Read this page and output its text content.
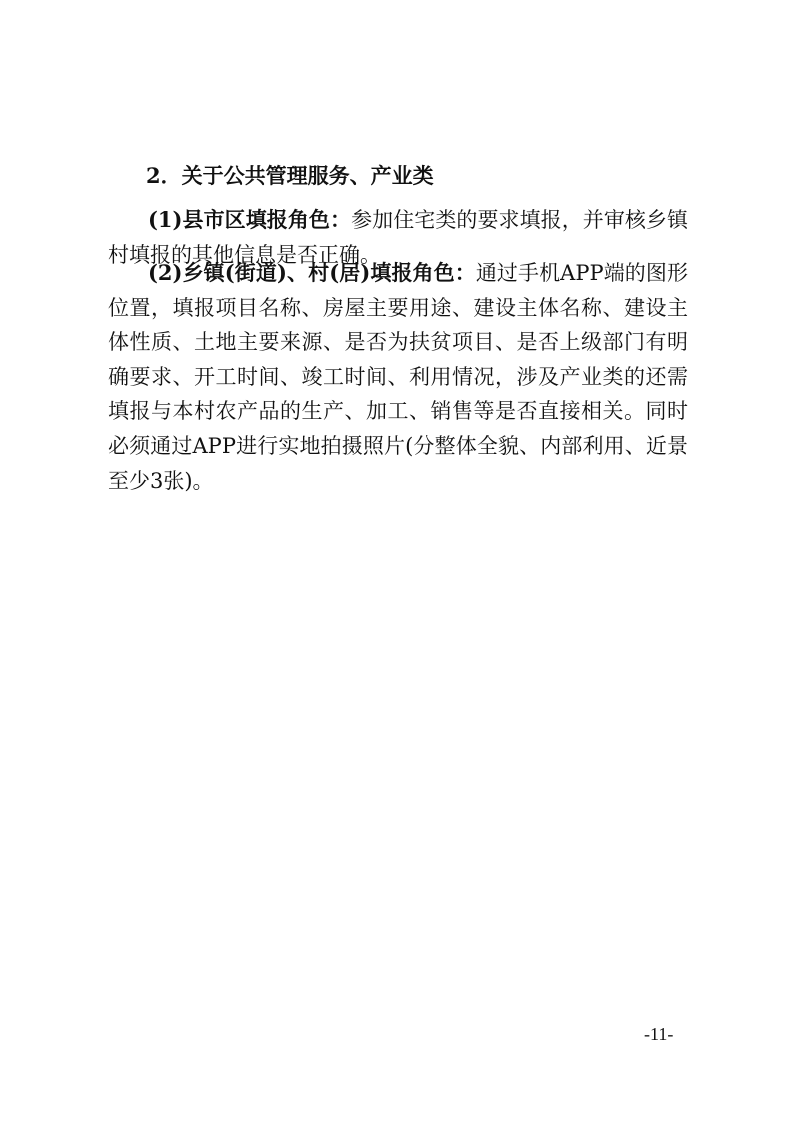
2．关于公共管理服务、产业类

(1)县市区填报角色：参加住宅类的要求填报，并审核乡镇村填报的其他信息是否正确。

(2)乡镇(街道)、村(居)填报角色：通过手机APP端的图形位置，填报项目名称、房屋主要用途、建设主体名称、建设主体性质、土地主要来源、是否为扶贫项目、是否上级部门有明确要求、开工时间、竣工时间、利用情况，涉及产业类的还需填报与本村农产品的生产、加工、销售等是否直接相关。同时必须通过APP进行实地拍摄照片(分整体全貌、内部利用、近景至少3张)。

-11-
